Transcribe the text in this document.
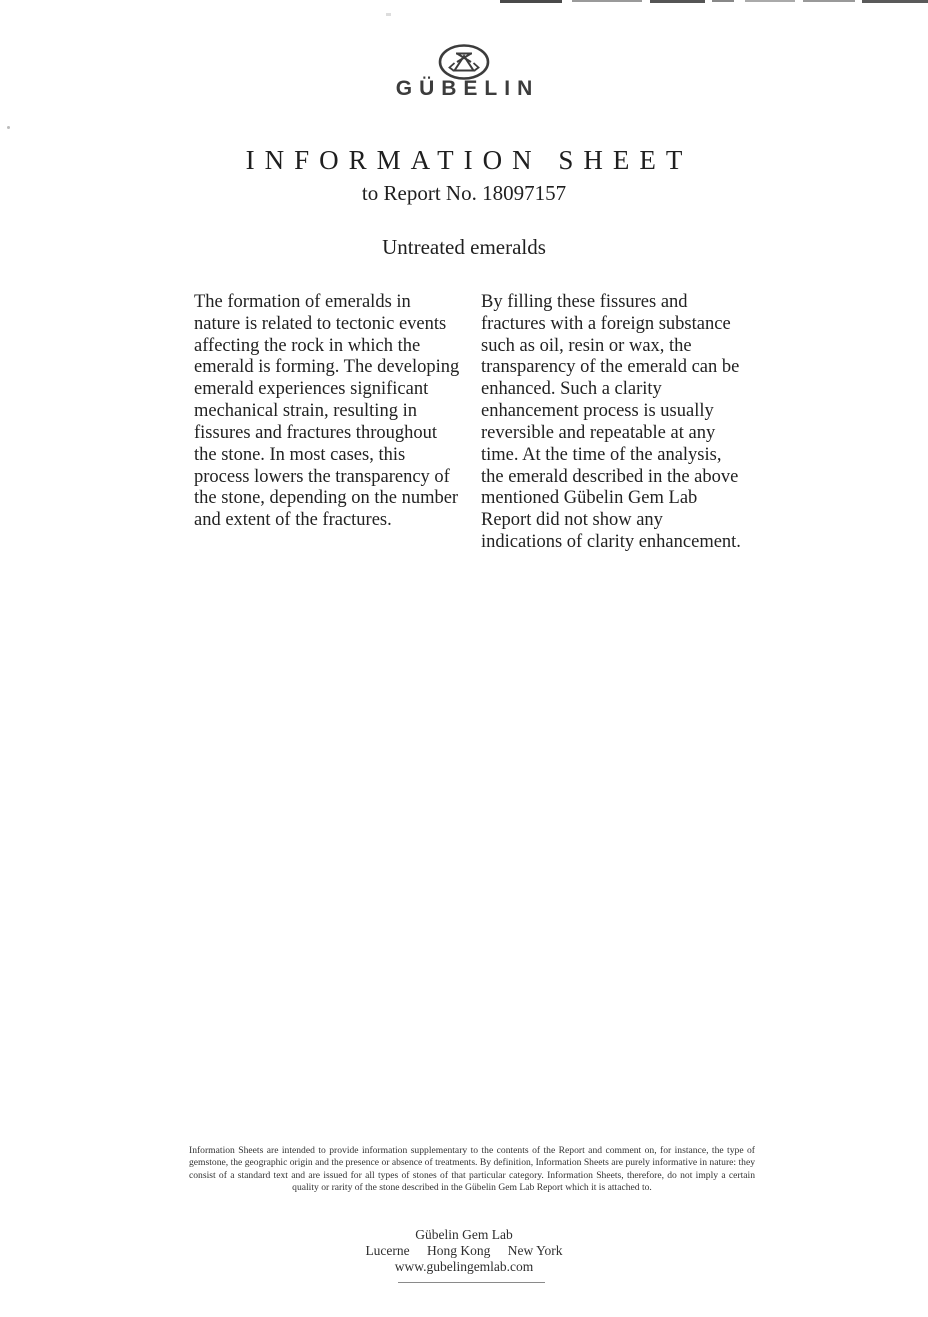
GÜBELIN
INFORMATION SHEET
to Report No. 18097157
Untreated emeralds
The formation of emeralds in nature is related to tectonic events affecting the rock in which the emerald is forming. The developing emerald experiences significant mechanical strain, resulting in fissures and fractures throughout the stone. In most cases, this process lowers the transparency of the stone, depending on the number and extent of the fractures.
By filling these fissures and fractures with a foreign substance such as oil, resin or wax, the transparency of the emerald can be enhanced. Such a clarity enhancement process is usually reversible and repeatable at any time. At the time of the analysis, the emerald described in the above mentioned Gübelin Gem Lab Report did not show any indications of clarity enhancement.
Information Sheets are intended to provide information supplementary to the contents of the Report and comment on, for instance, the type of gemstone, the geographic origin and the presence or absence of treatments. By definition, Information Sheets are purely informative in nature: they consist of a standard text and are issued for all types of stones of that particular category. Information Sheets, therefore, do not imply a certain quality or rarity of the stone described in the Gübelin Gem Lab Report which it is attached to.
Gübelin Gem Lab
Lucerne Hong Kong New York
www.gubelingemlab.com
